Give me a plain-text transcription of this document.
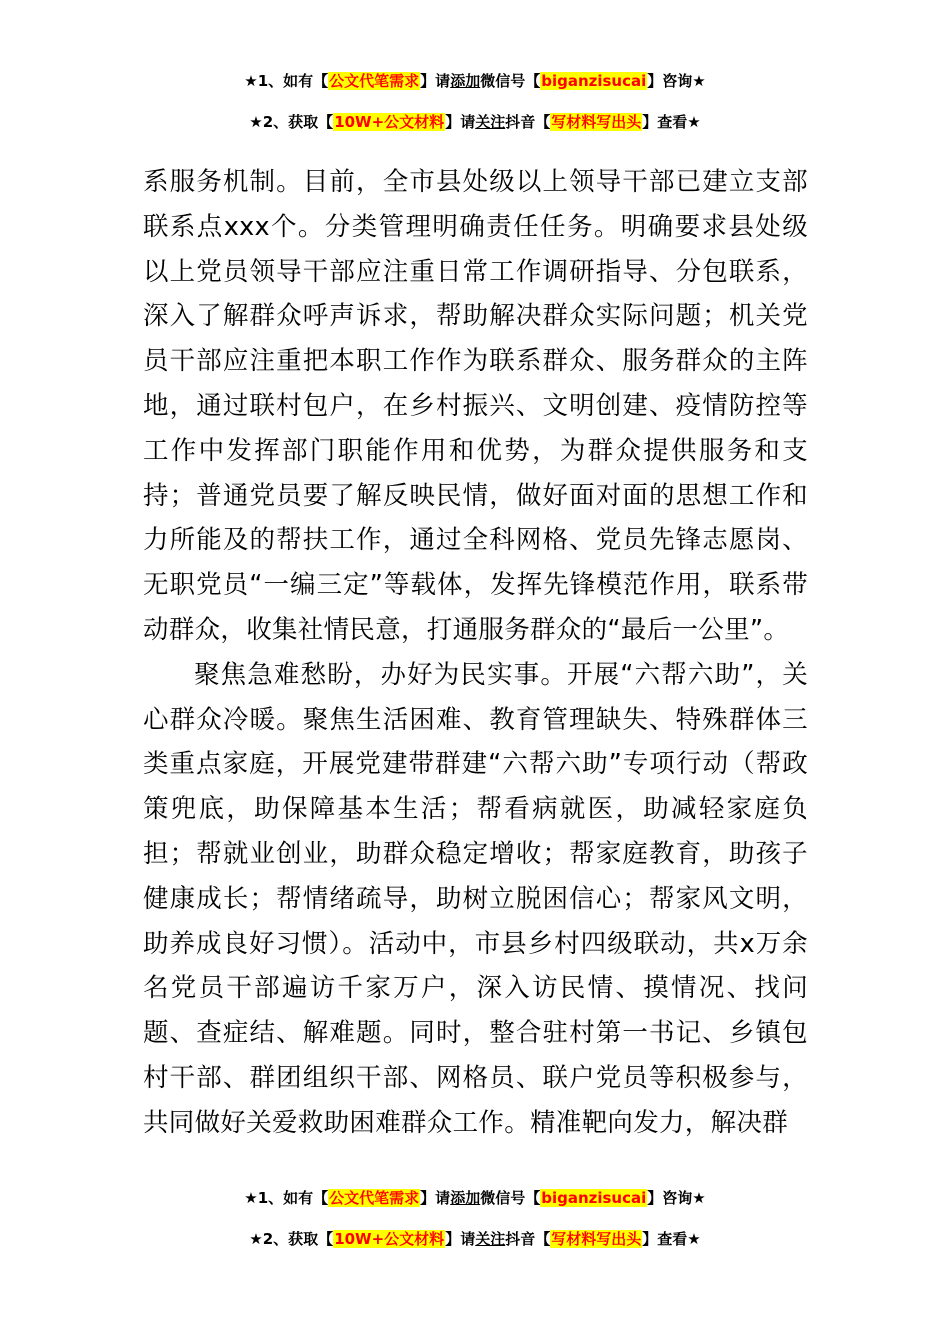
★1、如有【公文代笔需求】请添加微信号【biganzisucai】咨询★
★2、获取【10W+公文材料】请关注抖音【写材料写出头】查看★

系服务机制。目前，全市县处级以上领导干部已建立支部联系点xxx个。分类管理明确责任任务。明确要求县处级以上党员领导干部应注重日常工作调研指导、分包联系，深入了解群众呼声诉求，帮助解决群众实际问题；机关党员干部应注重把本职工作作为联系群众、服务群众的主阵地，通过联村包户，在乡村振兴、文明创建、疫情防控等工作中发挥部门职能作用和优势，为群众提供服务和支持；普通党员要了解反映民情，做好面对面的思想工作和力所能及的帮扶工作，通过全科网格、党员先锋志愿岗、无职党员“一编三定”等载体，发挥先锋模范作用，联系带动群众，收集社情民意，打通服务群众的“最后一公里”。

聚焦急难愁盼，办好为民实事。开展“六帮六助”，关心群众冷暖。聚焦生活困难、教育管理缺失、特殊群体三类重点家庭，开展党建带群建“六帮六助”专项行动（帮政策兜底，助保障基本生活；帮看病就医，助减轻家庭负担；帮就业创业，助群众稳定增收；帮家庭教育，助孩子健康成长；帮情绪疏导，助树立脱困信心；帮家风文明，助养成良好习惯）。活动中，市县乡村四级联动，共x万余名党员干部遍访千家万户，深入访民情、摸情况、找问题、查症结、解难题。同时，整合驻村第一书记、乡镇包村干部、群团组织干部、网格员、联户党员等积极参与，共同做好关爱救助困难群众工作。精准靶向发力，解决群

★1、如有【公文代笔需求】请添加微信号【biganzisucai】咨询★
★2、获取【10W+公文材料】请关注抖音【写材料写出头】查看★
